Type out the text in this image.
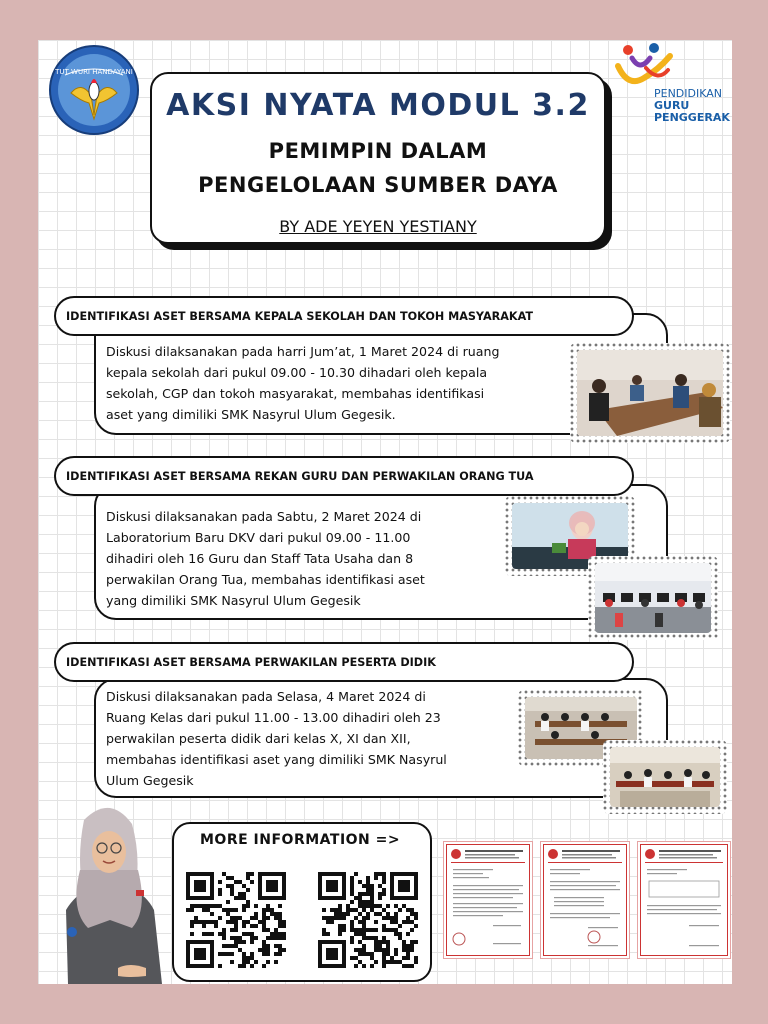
TUT WURI HANDAYANI
PENDIDIKAN
GURU
PENGGERAK
AKSI NYATA MODUL 3.2
PEMIMPIN DALAM
PENGELOLAAN SUMBER DAYA
BY ADE YEYEN YESTIANY
IDENTIFIKASI ASET BERSAMA KEPALA SEKOLAH DAN TOKOH MASYARAKAT
Diskusi dilaksanakan pada harri Jum’at, 1 Maret 2024 di ruang
kepala sekolah dari pukul 09.00 - 10.30 dihadari oleh kepala
sekolah, CGP dan tokoh masyarakat, membahas identifikasi
aset yang dimiliki SMK Nasyrul Ulum Gegesik.
IDENTIFIKASI ASET BERSAMA REKAN GURU DAN PERWAKILAN ORANG TUA
Diskusi dilaksanakan pada Sabtu, 2 Maret 2024 di
Laboratorium Baru DKV dari pukul 09.00 - 11.00
dihadiri oleh 16 Guru dan Staff Tata Usaha dan 8
perwakilan Orang Tua, membahas identifikasi aset
yang dimiliki SMK Nasyrul Ulum Gegesik
IDENTIFIKASI ASET BERSAMA PERWAKILAN PESERTA DIDIK
Diskusi dilaksanakan pada Selasa, 4 Maret 2024 di
Ruang Kelas dari pukul 11.00 - 13.00 dihadiri oleh 23
perwakilan peserta didik dari kelas X, XI dan XII,
membahas identifikasi aset yang dimiliki SMK Nasyrul
Ulum Gegesik
MORE INFORMATION =>
